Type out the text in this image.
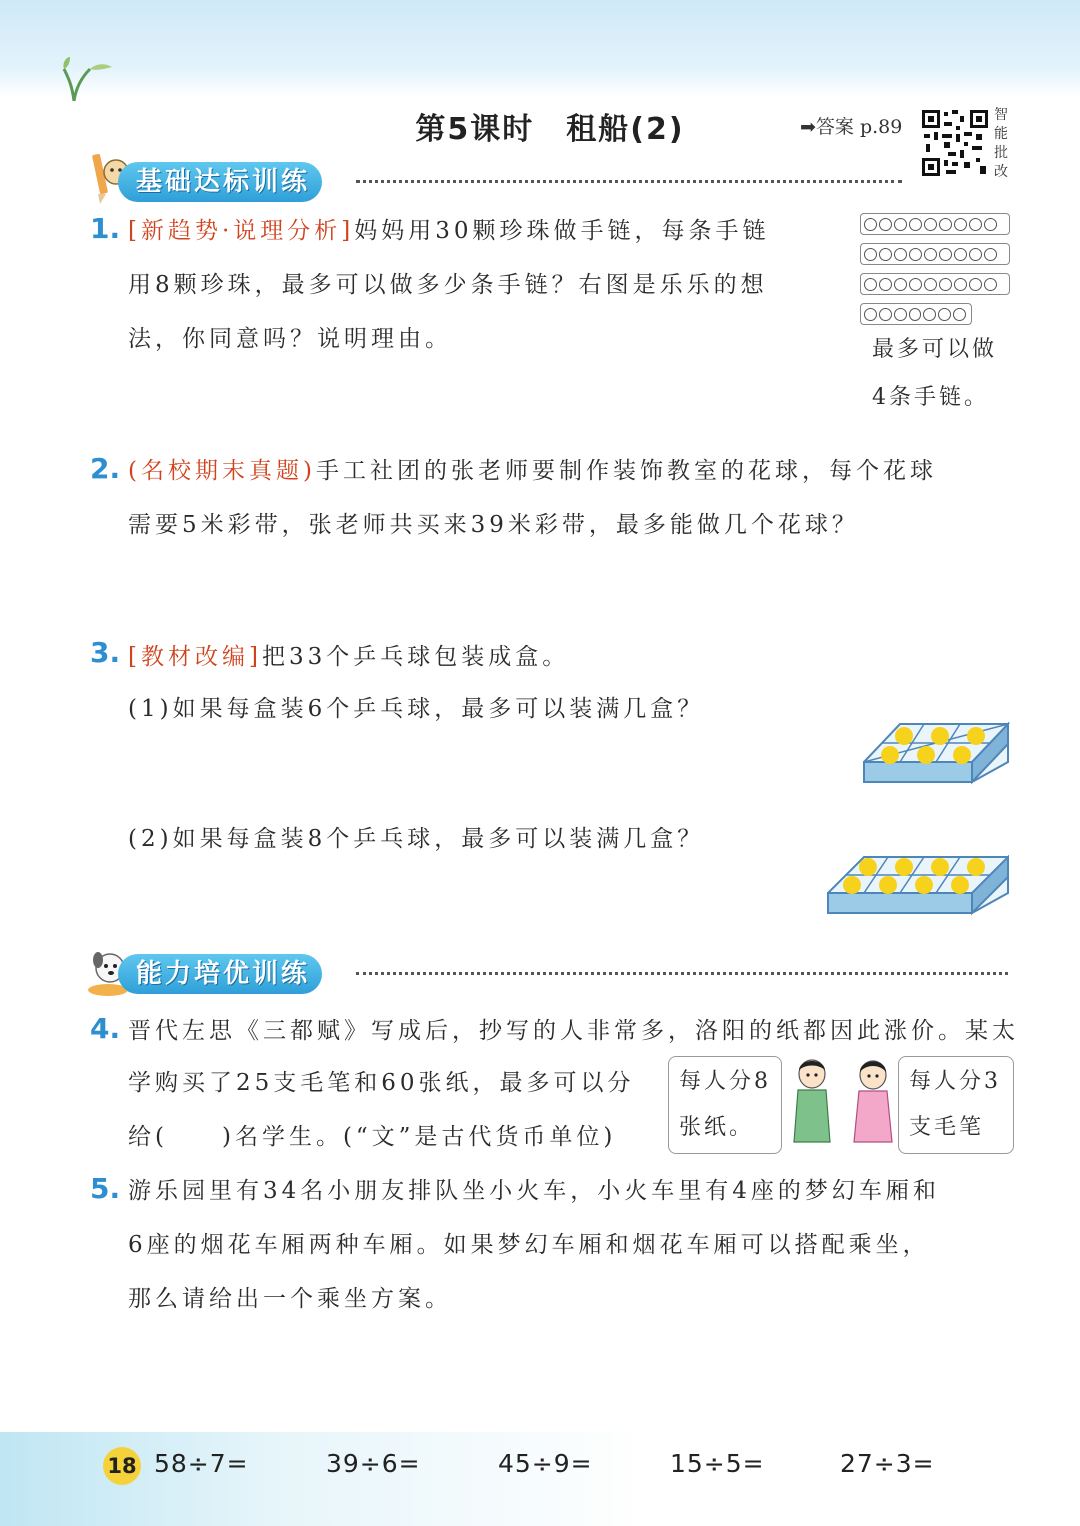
第5课时　租船(2)	➡答案 p.89
智
能
批
改
基础达标训练
1. [新趋势·说理分析]妈妈用30颗珍珠做手链，每条手链
用8颗珍珠，最多可以做多少条手链？右图是乐乐的想
法，你同意吗？说明理由。	最多可以做
4条手链。
2. (名校期末真题)手工社团的张老师要制作装饰教室的花球，每个花球
需要5米彩带，张老师共买来39米彩带，最多能做几个花球？
3. [教材改编]把33个乒乓球包装成盒。
(1)如果每盒装6个乒乓球，最多可以装满几盒？
(2)如果每盒装8个乒乓球，最多可以装满几盒？
能力培优训练
4. 晋代左思《三都赋》写成后，抄写的人非常多，洛阳的纸都因此涨价。某太
学购买了25支毛笔和60张纸，最多可以分
给(　　)名学生。(“文”是古代货币单位)
每人分8
张纸。
每人分3
支毛笔
5. 游乐园里有34名小朋友排队坐小火车，小火车里有4座的梦幻车厢和
6座的烟花车厢两种车厢。如果梦幻车厢和烟花车厢可以搭配乘坐，
那么请给出一个乘坐方案。
18 58÷7=	39÷6=	45÷9=	15÷5=	27÷3=
